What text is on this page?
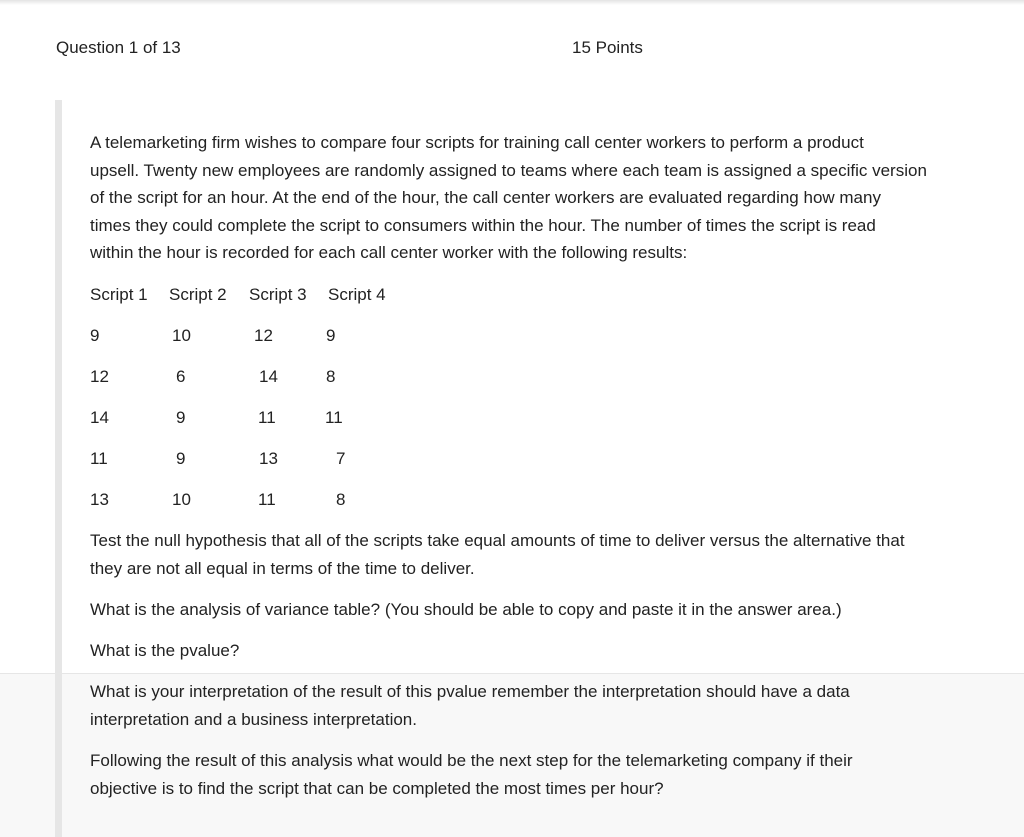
Question 1 of 13	15 Points
A telemarketing firm wishes to compare four scripts for training call center workers to perform a product
upsell. Twenty new employees are randomly assigned to teams where each team is assigned a specific version
of the script for an hour. At the end of the hour, the call center workers are evaluated regarding how many
times they could complete the script to consumers within the hour. The number of times the script is read
within the hour is recorded for each call center worker with the following results:
Script 1 Script 2 Script 3 Script 4
9	10	12	9
12	6	14	8
14	9	11	11
11	9	13	7
13	10	11	8
Test the null hypothesis that all of the scripts take equal amounts of time to deliver versus the alternative that
they are not all equal in terms of the time to deliver.
What is the analysis of variance table? (You should be able to copy and paste it in the answer area.)
What is the pvalue?
What is your interpretation of the result of this pvalue remember the interpretation should have a data
interpretation and a business interpretation.
Following the result of this analysis what would be the next step for the telemarketing company if their
objective is to find the script that can be completed the most times per hour?
